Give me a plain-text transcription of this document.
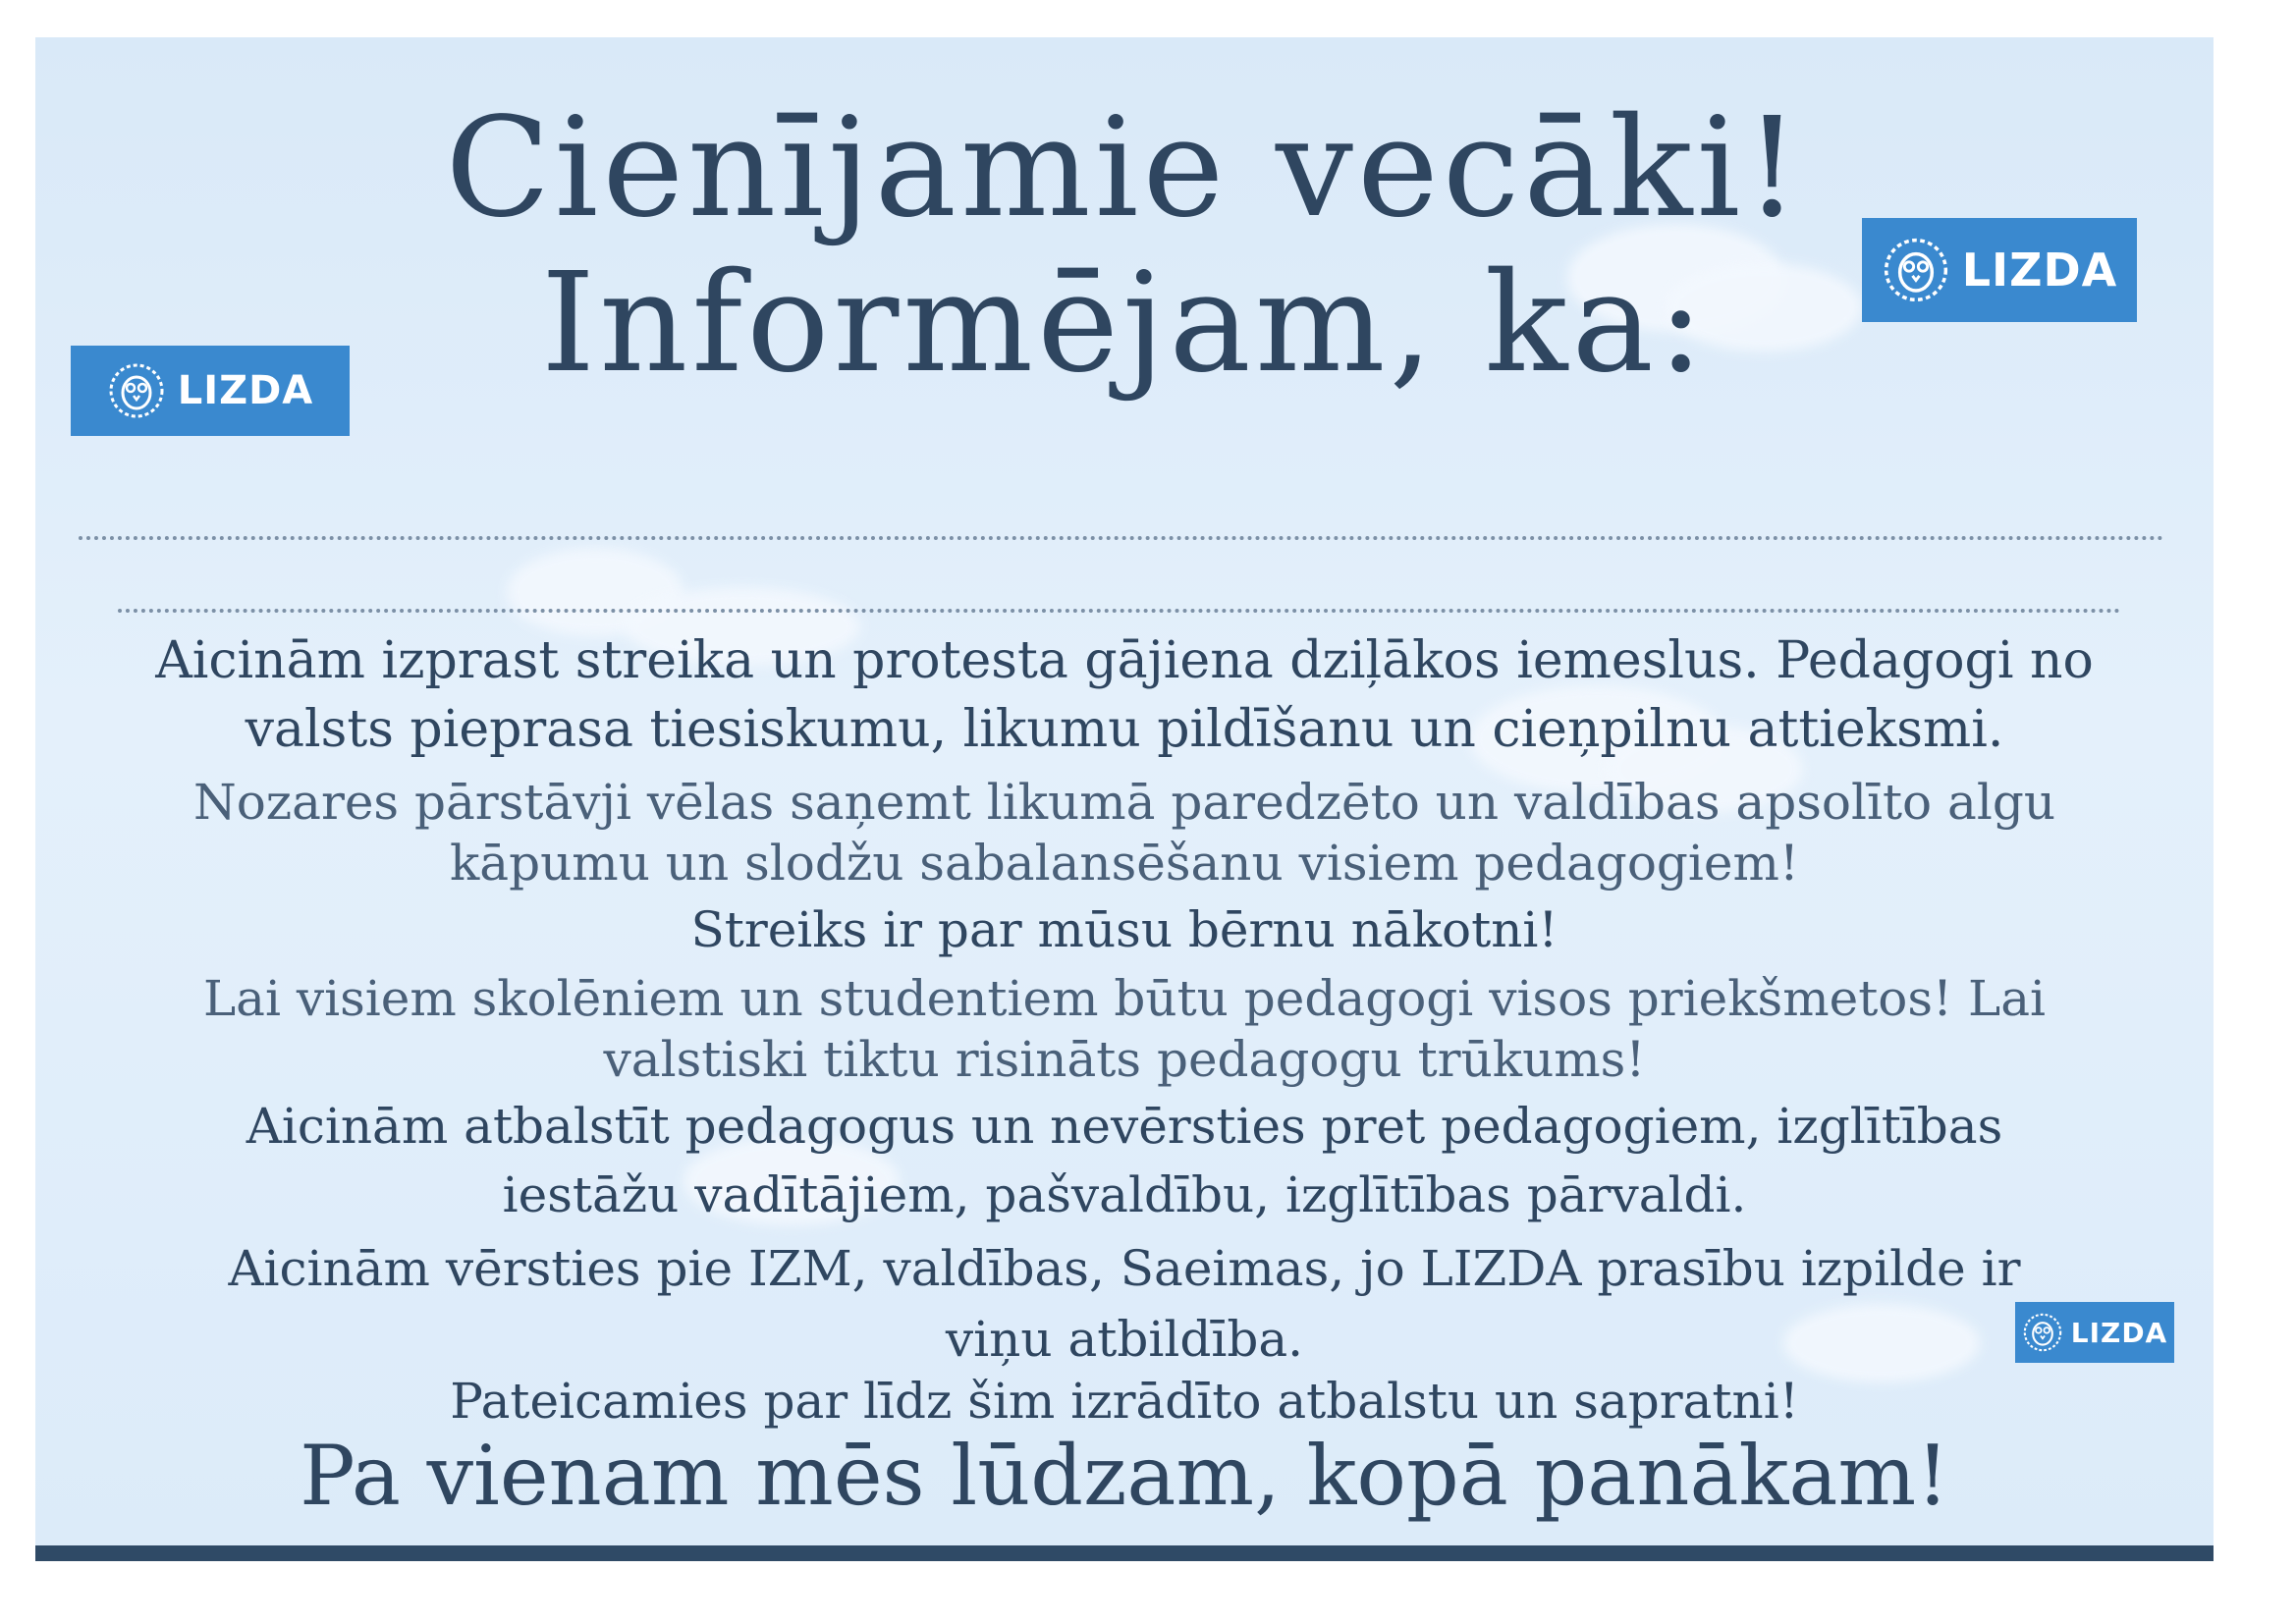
Cienījamie vecāki!
Informējam, ka:
LIZDA
LIZDA
LIZDA

Aicinām izprast streika un protesta gājiena dziļākos iemeslus. Pedagogi no
valsts pieprasa tiesiskumu, likumu pildīšanu un cieņpilnu attieksmi.

Nozares pārstāvji vēlas saņemt likumā paredzēto un valdības apsolīto algu
kāpumu un slodžu sabalansēšanu visiem pedagogiem!

Streiks ir par mūsu bērnu nākotni!

Lai visiem skolēniem un studentiem būtu pedagogi visos priekšmetos! Lai
valstiski tiktu risināts pedagogu trūkums!

Aicinām atbalstīt pedagogus un nevērsties pret pedagogiem, izglītības
iestāžu vadītājiem, pašvaldību, izglītības pārvaldi.

Aicinām vērsties pie IZM, valdības, Saeimas, jo LIZDA prasību izpilde ir
viņu atbildība.

Pateicamies par līdz šim izrādīto atbalstu un sapratni!

Pa vienam mēs lūdzam, kopā panākam!
